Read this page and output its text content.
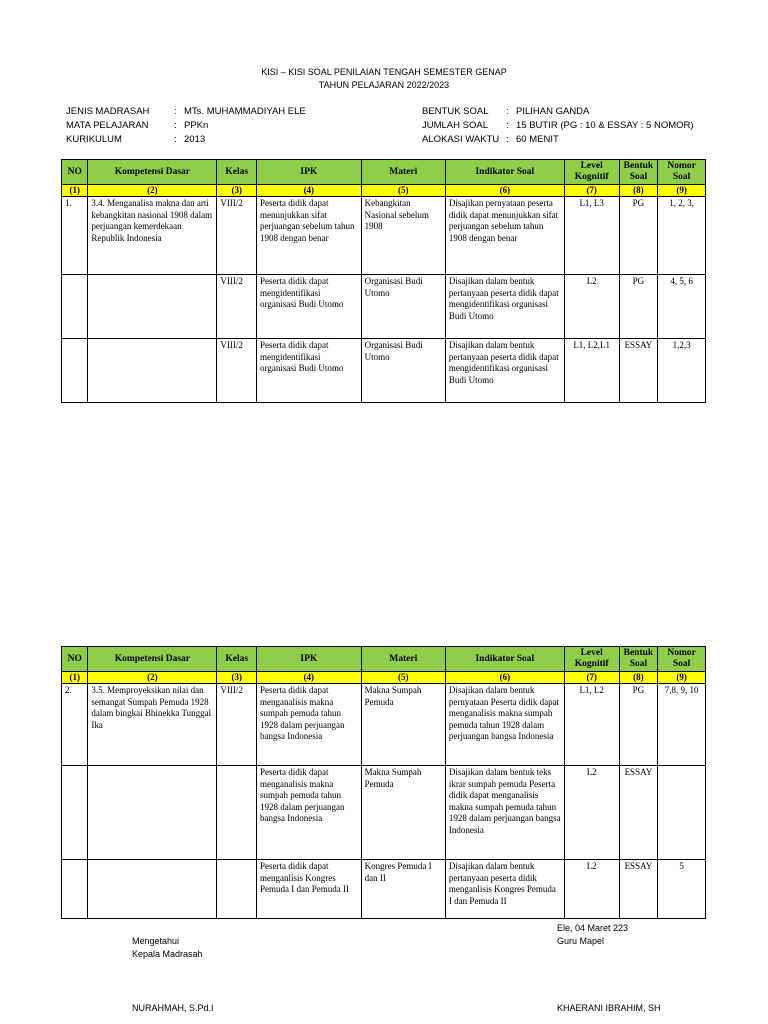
KISI – KISI SOAL PENILAIAN TENGAH SEMESTER GENAP
TAHUN PELAJARAN 2022/2023
JENIS MADRASAH	: MTs. MUHAMMADIYAH ELE
MATA PELAJARAN	: PPKn
KURIKULUM	: 2013
BENTUK SOAL : PILIHAN GANDA
JUMLAH SOAL : 15 BUTIR (PG : 10 & ESSAY : 5 NOMOR)
ALOKASI WAKTU : 60 MENIT
NO	Kompetensi Dasar	Kelas	IPK	Materi	Indikator Soal	Level Kognitif	Bentuk Soal	Nomor Soal
(1)	(2)	(3)	(4)	(5)	(6)	(7)	(8)	(9)
1.	3.4. Menganalisa makna dan arti kebangkitan nasional 1908 dalam perjuangan kemerdekaan Republik Indonesia	VIII/2	Peserta didik dapat menunjukkan sifat perjuangan sebelum tahun 1908 dengan benar	Kebangkitan Nasional sebelum 1908	Disajikan pernyataan peserta didik dapat menunjukkan sifat perjuangan sebelum tahun 1908 dengan benar	L1, L3	PG	1, 2, 3,
		VIII/2	Peserta didik dapat mengidentifikasi organisasi Budi Utomo	Organisasi Budi Utomo	Disajikan dalam bentuk pertanyaan peserta didik dapat mengidentifikasi organisasi Budi Utomo	L2	PG	4, 5, 6
		VIII/2	Peserta didik dapat mengidentifikasi organisasi Budi Utomo	Organisasi Budi Utomo	Disajikan dalam bentuk pertanyaan peserta didik dapat mengidentifikasi organisasi Budi Utomo	L1, L2,L1	ESSAY	1,2,3
NO	Kompetensi Dasar	Kelas	IPK	Materi	Indikator Soal	Level Kognitif	Bentuk Soal	Nomor Soal
(1)	(2)	(3)	(4)	(5)	(6)	(7)	(8)	(9)
2.	3.5. Memproyeksikan nilai dan semangat Sumpah Pemuda 1928 dalam bingkai Bhinekka Tunggal Ika	VIII/2	Peserta didik dapat menganalisis makna sumpah pemuda tahun 1928 dalam perjuangan bangsa Indonesia	Makna Sumpah Pemuda	Disajikan dalam bentuk pernyataan Peserta didik dapat menganalisis makna sumpah pemuda tahun 1928 dalam perjuangan bangsa Indonesia	L1, L2	PG	7,8, 9, 10
			Peserta didik dapat menganalisis makna sumpah pemuda tahun 1928 dalam perjuangan bangsa Indonesia	Makna Sumpah Pemuda	Disajikan dalam bentuk teks ikrar sumpah pemuda Peserta didik dapat menganalisis makna sumpah pemuda tahun 1928 dalam perjuangan bangsa Indonesia	L2	ESSAY	
			Peserta didik dapat menganlisis Kongres Pemuda I dan Pemuda II	Kongres Pemuda I dan II	Disajikan dalam bentuk pertanyaan peserta didik menganlisis Kongres Pemuda I dan Pemuda II	L2	ESSAY	5
Mengetahui
Kepala Madrasah
NURAHMAH, S.Pd.I
Ele, 04 Maret 223
Guru Mapel
KHAERANI IBRAHIM, SH
